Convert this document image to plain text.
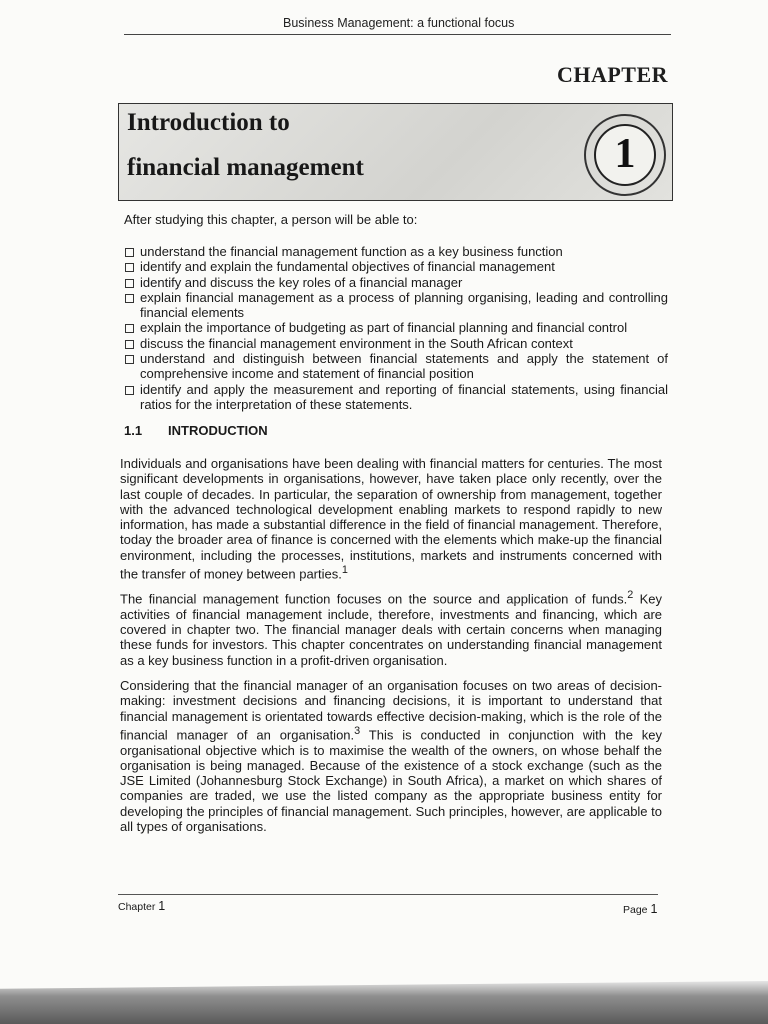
Business Management: a functional focus
CHAPTER
Introduction to
financial management	1
After studying this chapter, a person will be able to:
understand the financial management function as a key business function
identify and explain the fundamental objectives of financial management
identify and discuss the key roles of a financial manager
explain financial management as a process of planning organising, leading and controlling financial elements
explain the importance of budgeting as part of financial planning and financial control
discuss the financial management environment in the South African context
understand and distinguish between financial statements and apply the statement of comprehensive income and statement of financial position
identify and apply the measurement and reporting of financial statements, using financial ratios for the interpretation of these statements.
1.1 INTRODUCTION

Individuals and organisations have been dealing with financial matters for centuries. The most significant developments in organisations, however, have taken place only recently, over the last couple of decades. In particular, the separation of ownership from management, together with the advanced technological development enabling markets to respond rapidly to new information, has made a substantial difference in the field of financial management. Therefore, today the broader area of finance is concerned with the elements which make-up the financial environment, including the processes, institutions, markets and instruments concerned with the transfer of money between parties.$^1$

The financial management function focuses on the source and application of funds.$^2$ Key activities of financial management include, therefore, investments and financing, which are covered in chapter two. The financial manager deals with certain concerns when managing these funds for investors. This chapter concentrates on understanding financial management as a key business function in a profit-driven organisation.

Considering that the financial manager of an organisation focuses on two areas of decision-making: investment decisions and financing decisions, it is important to understand that financial management is orientated towards effective decision-making, which is the role of the financial manager of an organisation.$^3$ This is conducted in conjunction with the key organisational objective which is to maximise the wealth of the owners, on whose behalf the organisation is being managed. Because of the existence of a stock exchange (such as the JSE Limited (Johannesburg Stock Exchange) in South Africa), a market on which shares of companies are traded, we use the listed company as the appropriate business entity for developing the principles of financial management. Such principles, however, are applicable to all types of organisations.

Chapter 1	Page 1
